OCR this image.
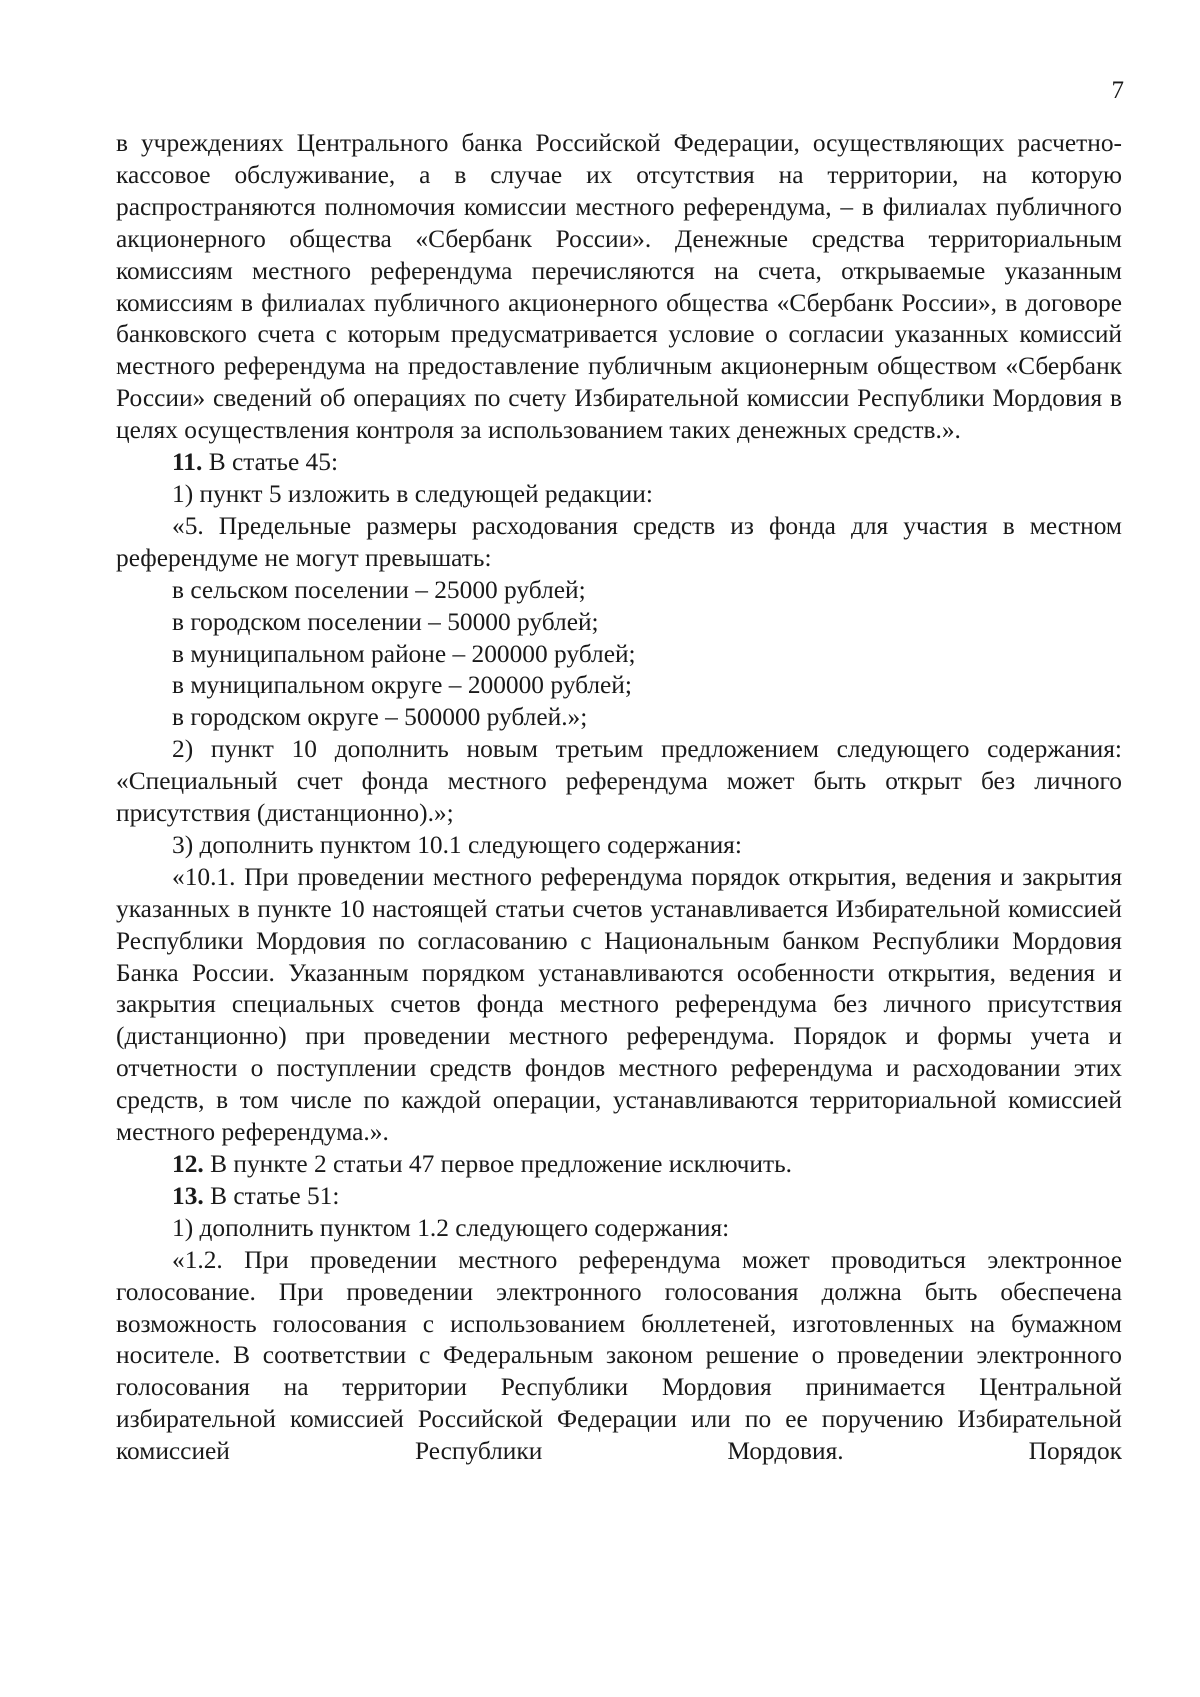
7

в учреждениях Центрального банка Российской Федерации, осуществляющих расчетно-кассовое обслуживание, а в случае их отсутствия на территории, на которую распространяются полномочия комиссии местного референдума, – в филиалах публичного акционерного общества «Сбербанк России». Денежные средства территориальным комиссиям местного референдума перечисляются на счета, открываемые указанным комиссиям в филиалах публичного акционерного общества «Сбербанк России», в договоре банковского счета с которым предусматривается условие о согласии указанных комиссий местного референдума на предоставление публичным акционерным обществом «Сбербанк России» сведений об операциях по счету Избирательной комиссии Республики Мордовия в целях осуществления контроля за использованием таких денежных средств.».

11. В статье 45:

1) пункт 5 изложить в следующей редакции:

«5. Предельные размеры расходования средств из фонда для участия в местном референдуме не могут превышать:

в сельском поселении – 25000 рублей;

в городском поселении – 50000 рублей;

в муниципальном районе – 200000 рублей;

в муниципальном округе – 200000 рублей;

в городском округе – 500000 рублей.»;

2) пункт 10 дополнить новым третьим предложением следующего содержания: «Специальный счет фонда местного референдума может быть открыт без личного присутствия (дистанционно).»;

3) дополнить пунктом 10.1 следующего содержания:

«10.1. При проведении местного референдума порядок открытия, ведения и закрытия указанных в пункте 10 настоящей статьи счетов устанавливается Избирательной комиссией Республики Мордовия по согласованию с Национальным банком Республики Мордовия Банка России. Указанным порядком устанавливаются особенности открытия, ведения и закрытия специальных счетов фонда местного референдума без личного присутствия (дистанционно) при проведении местного референдума. Порядок и формы учета и отчетности о поступлении средств фондов местного референдума и расходовании этих средств, в том числе по каждой операции, устанавливаются территориальной комиссией местного референдума.».

12. В пункте 2 статьи 47 первое предложение исключить.

13. В статье 51:

1) дополнить пунктом 1.2 следующего содержания:

«1.2. При проведении местного референдума может проводиться электронное голосование. При проведении электронного голосования должна быть обеспечена возможность голосования с использованием бюллетеней, изготовленных на бумажном носителе. В соответствии с Федеральным законом решение о проведении электронного голосования на территории Республики Мордовия принимается Центральной избирательной комиссией Российской Федерации или по ее поручению Избирательной комиссией Республики Мордовия. Порядок
